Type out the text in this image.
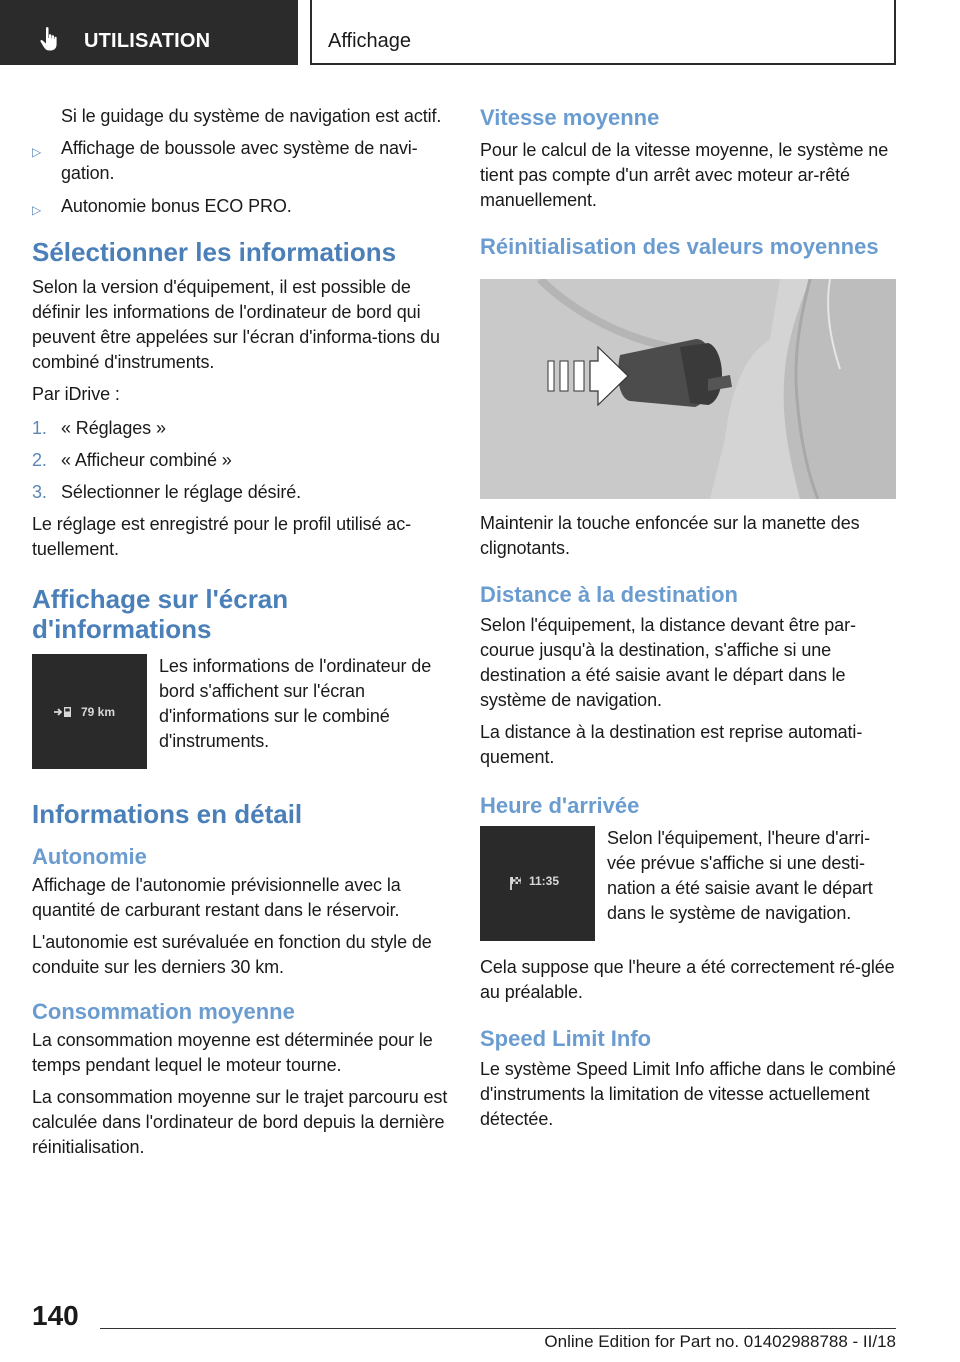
UTILISATION	Affichage

Si le guidage du système de navigation est actif.

▷ Affichage de boussole avec système de navi‐gation.
▷ Autonomie bonus ECO PRO.
Sélectionner les informations

Selon la version d'équipement, il est possible de définir les informations de l'ordinateur de bord qui peuvent être appelées sur l'écran d'informa‐tions du combiné d'instruments.

Par iDrive :

1. « Réglages »
2. « Afficheur combiné »
3. Sélectionner le réglage désiré.

Le réglage est enregistré pour le profil utilisé ac‐tuellement.

Affichage sur l'écran d'informations
79 km

Les informations de l'ordinateur de bord s'affichent sur l'écran d'informations sur le combiné d'instruments.

Informations en détail
Autonomie

Affichage de l'autonomie prévisionnelle avec la quantité de carburant restant dans le réservoir.

L'autonomie est surévaluée en fonction du style de conduite sur les derniers 30 km.

Consommation moyenne

La consommation moyenne est déterminée pour le temps pendant lequel le moteur tourne.

La consommation moyenne sur le trajet parcouru est calculée dans l'ordinateur de bord depuis la dernière réinitialisation.

Vitesse moyenne

Pour le calcul de la vitesse moyenne, le système ne tient pas compte d'un arrêt avec moteur ar‐rêté manuellement.

Réinitialisation des valeurs moyennes

Maintenir la touche enfoncée sur la manette des clignotants.

Distance à la destination

Selon l'équipement, la distance devant être par‐courue jusqu'à la destination, s'affiche si une destination a été saisie avant le départ dans le système de navigation.

La distance à la destination est reprise automati‐quement.

Heure d'arrivée
11:35

Selon l'équipement, l'heure d'arri‐vée prévue s'affiche si une desti‐nation a été saisie avant le départ dans le système de navigation.

Cela suppose que l'heure a été correctement ré‐glée au préalable.

Speed Limit Info

Le système Speed Limit Info affiche dans le combiné d'instruments la limitation de vitesse actuellement détectée.

140
Online Edition for Part no. 01402988788 - II/18
